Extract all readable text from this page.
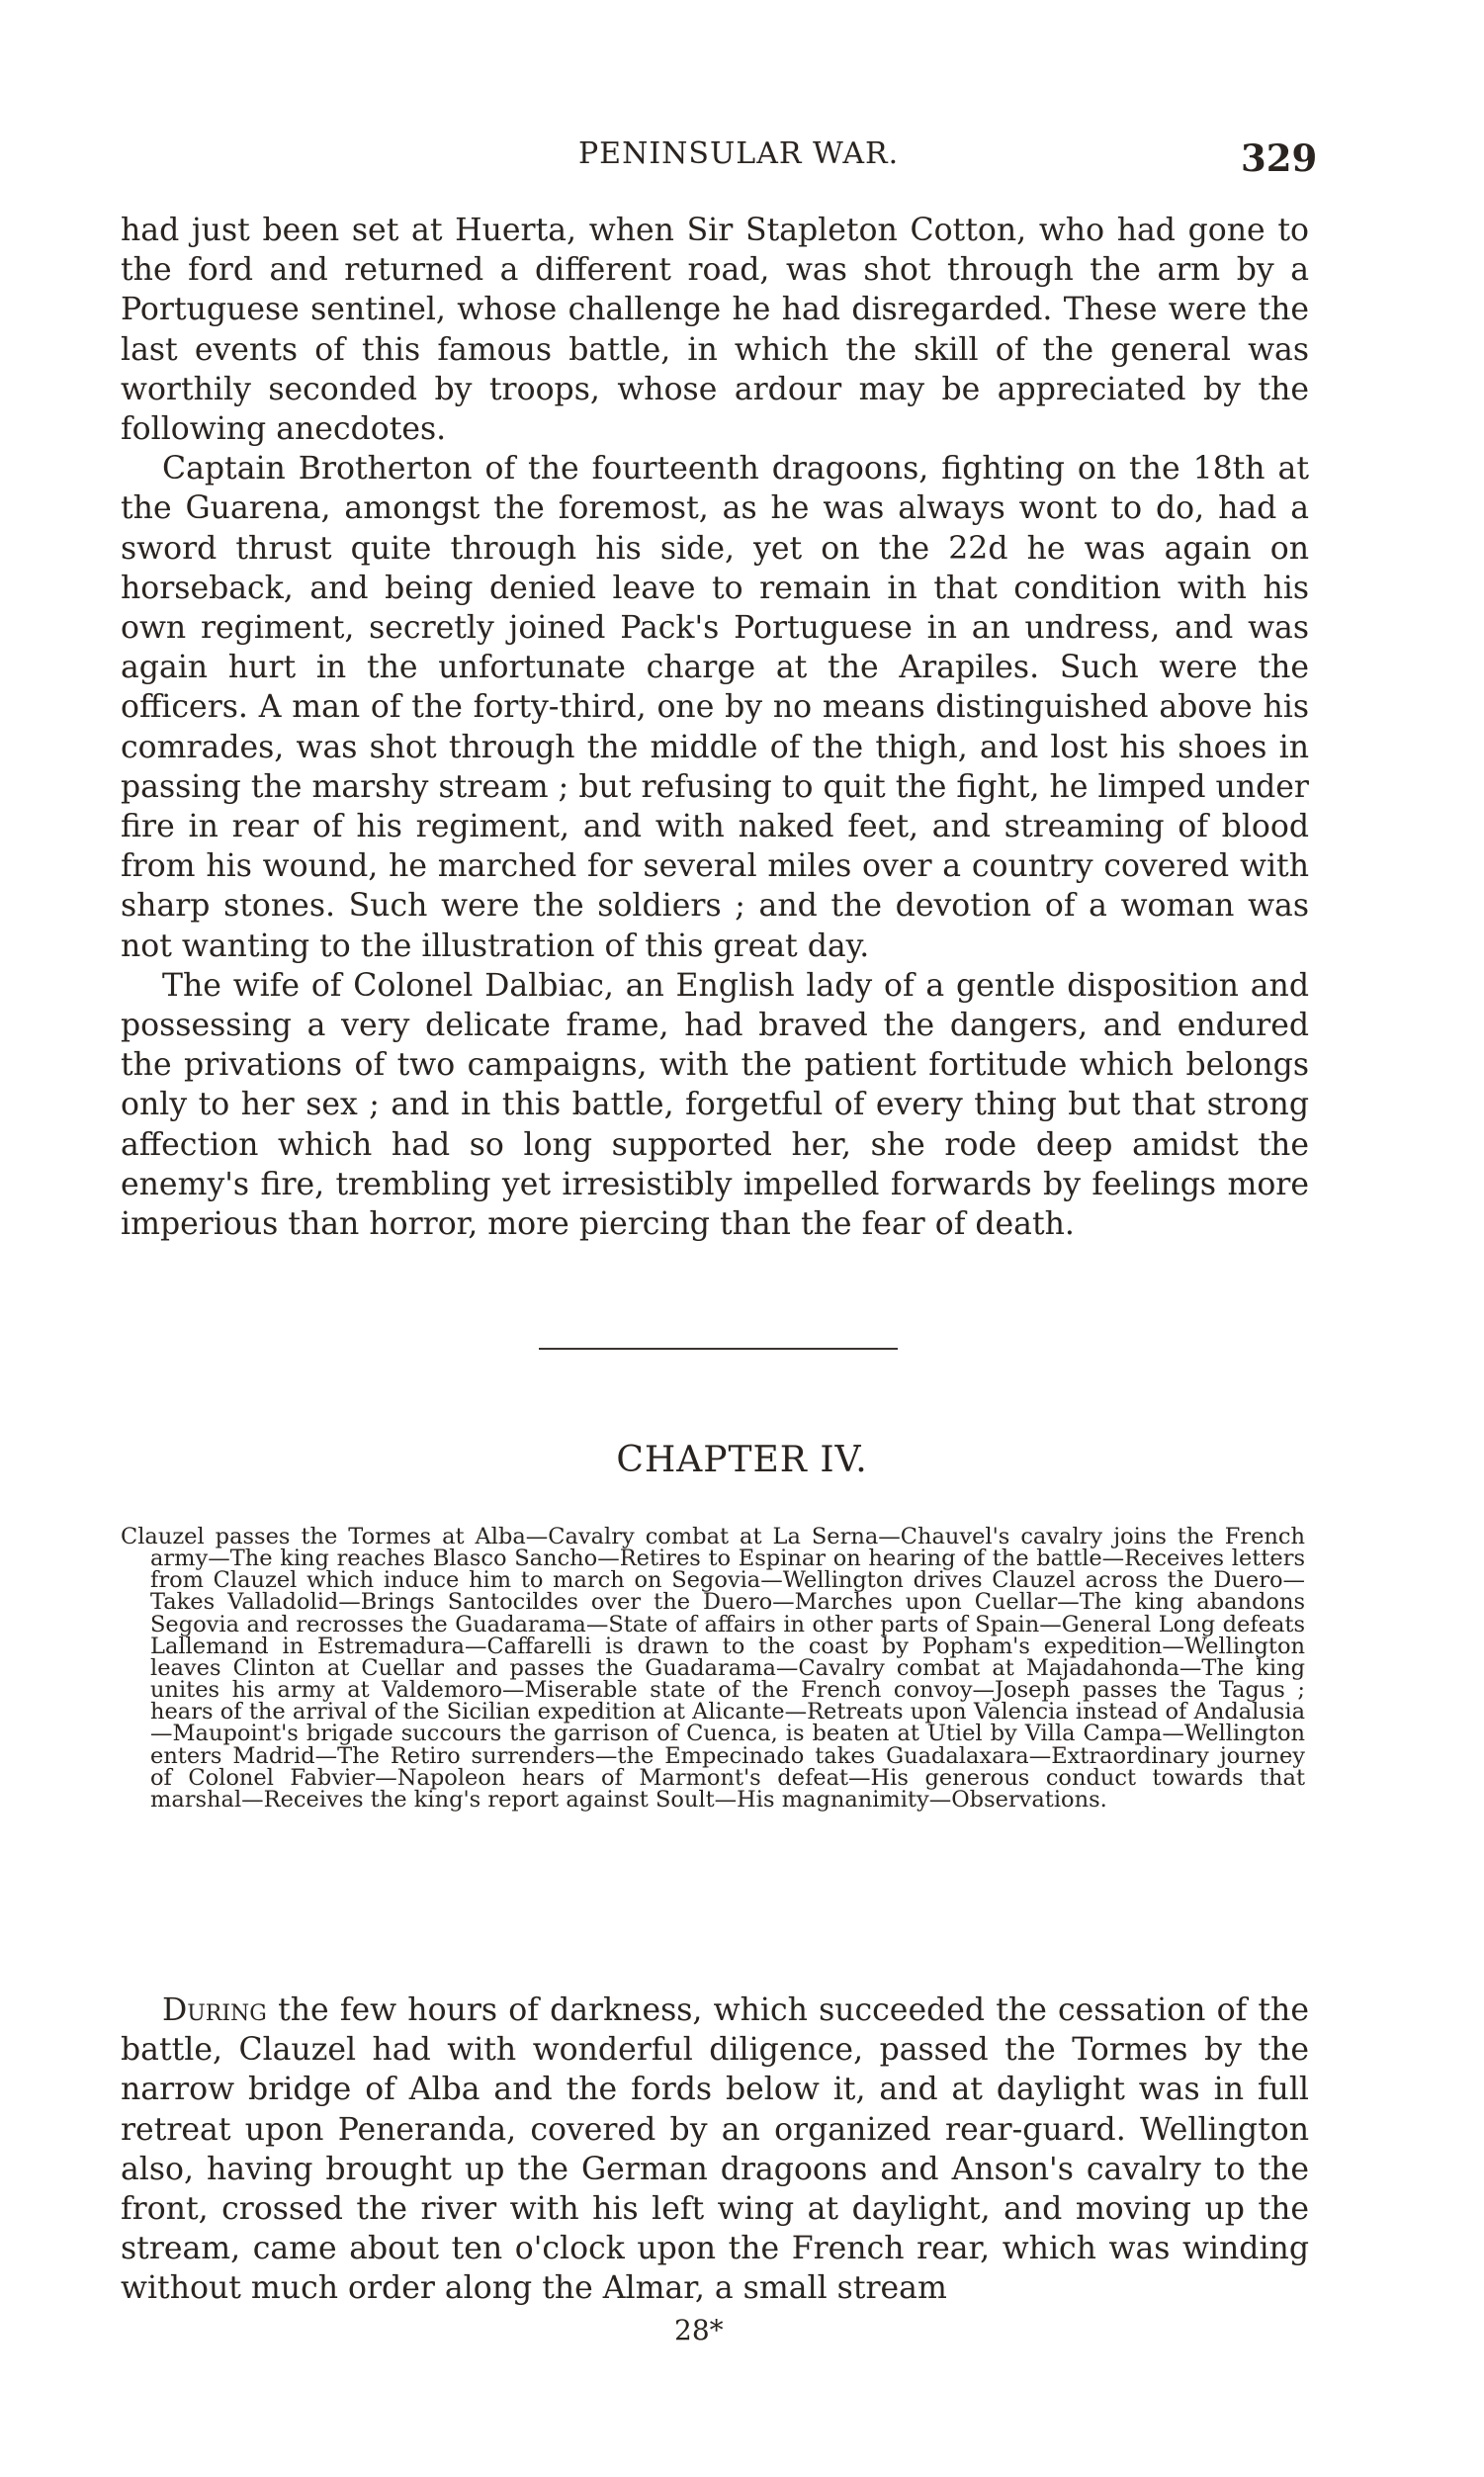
PENINSULAR WAR.	329

had just been set at Huerta, when Sir Stapleton Cotton, who had gone to the ford and returned a different road, was shot through the arm by a Portuguese sentinel, whose challenge he had disregarded. These were the last events of this famous battle, in which the skill of the general was worthily seconded by troops, whose ardour may be appreciated by the following anecdotes.

Captain Brotherton of the fourteenth dragoons, fighting on the 18th at the Guarena, amongst the foremost, as he was always wont to do, had a sword thrust quite through his side, yet on the 22d he was again on horseback, and being denied leave to remain in that condition with his own regiment, secretly joined Pack's Portuguese in an undress, and was again hurt in the unfortunate charge at the Arapiles. Such were the officers. A man of the forty-third, one by no means distinguished above his comrades, was shot through the middle of the thigh, and lost his shoes in passing the marshy stream ; but refusing to quit the fight, he limped under fire in rear of his regiment, and with naked feet, and streaming of blood from his wound, he marched for several miles over a country covered with sharp stones. Such were the soldiers ; and the devotion of a woman was not wanting to the illustration of this great day.

The wife of Colonel Dalbiac, an English lady of a gentle disposition and possessing a very delicate frame, had braved the dangers, and endured the privations of two campaigns, with the patient fortitude which belongs only to her sex ; and in this battle, forgetful of every thing but that strong affection which had so long supported her, she rode deep amidst the enemy's fire, trembling yet irresistibly impelled forwards by feelings more imperious than horror, more piercing than the fear of death.

CHAPTER IV.
Clauzel passes the Tormes at Alba—Cavalry combat at La Serna—Chauvel's cavalry joins the French army—The king reaches Blasco Sancho—Retires to Espinar on hearing of the battle—Receives letters from Clauzel which induce him to march on Segovia—Wellington drives Clauzel across the Duero—Takes Valladolid—Brings Santocildes over the Duero—Marches upon Cuellar—The king abandons Segovia and recrosses the Guadarama—State of affairs in other parts of Spain—General Long defeats Lallemand in Estremadura—Caffarelli is drawn to the coast by Popham's expedition—Wellington leaves Clinton at Cuellar and passes the Guadarama—Cavalry combat at Majadahonda—The king unites his army at Valdemoro—Miserable state of the French convoy—Joseph passes the Tagus ; hears of the arrival of the Sicilian expedition at Alicante—Retreats upon Valencia instead of Andalusia—Maupoint's brigade succours the garrison of Cuenca, is beaten at Utiel by Villa Campa—Wellington enters Madrid—The Retiro surrenders—the Empecinado takes Guadalaxara—Extraordinary journey of Colonel Fabvier—Napoleon hears of Marmont's defeat—His generous conduct towards that marshal—Receives the king's report against Soult—His magnanimity—Observations.

During the few hours of darkness, which succeeded the cessation of the battle, Clauzel had with wonderful diligence, passed the Tormes by the narrow bridge of Alba and the fords below it, and at daylight was in full retreat upon Peneranda, covered by an organized rear-guard. Wellington also, having brought up the German dragoons and Anson's cavalry to the front, crossed the river with his left wing at daylight, and moving up the stream, came about ten o'clock upon the French rear, which was winding without much order along the Almar, a small stream

28*
